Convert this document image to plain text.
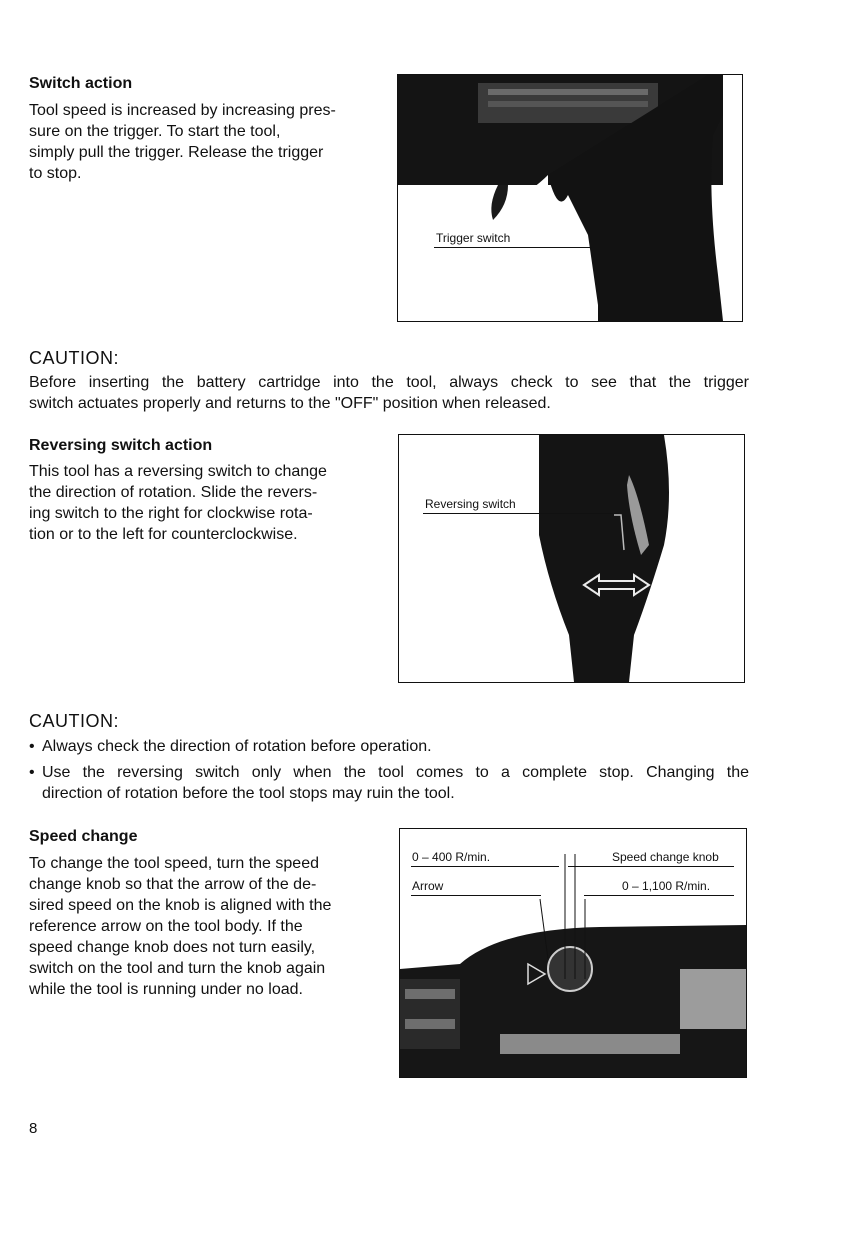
Switch action
Tool speed is increased by increasing pres-
sure on the trigger. To start the tool,
simply pull the trigger. Release the trigger
to stop.
Trigger switch
CAUTION:
Before inserting the battery cartridge into the tool, always check to see that the trigger
switch actuates properly and returns to the "OFF" position when released.
Reversing switch action
This tool has a reversing switch to change
the direction of rotation. Slide the revers-
ing switch to the right for clockwise rota-
tion or to the left for counterclockwise.
Reversing switch
CAUTION:
• Always check the direction of rotation before operation.
• Use the reversing switch only when the tool comes to a complete stop. Changing the
direction of rotation before the tool stops may ruin the tool.
Speed change
To change the tool speed, turn the speed
change knob so that the arrow of the de-
sired speed on the knob is aligned with the
reference arrow on the tool body. If the
speed change knob does not turn easily,
switch on the tool and turn the knob again
while the tool is running under no load.
0 – 400 R/min.	Speed change knob
Arrow	0 – 1,100 R/min.
8
